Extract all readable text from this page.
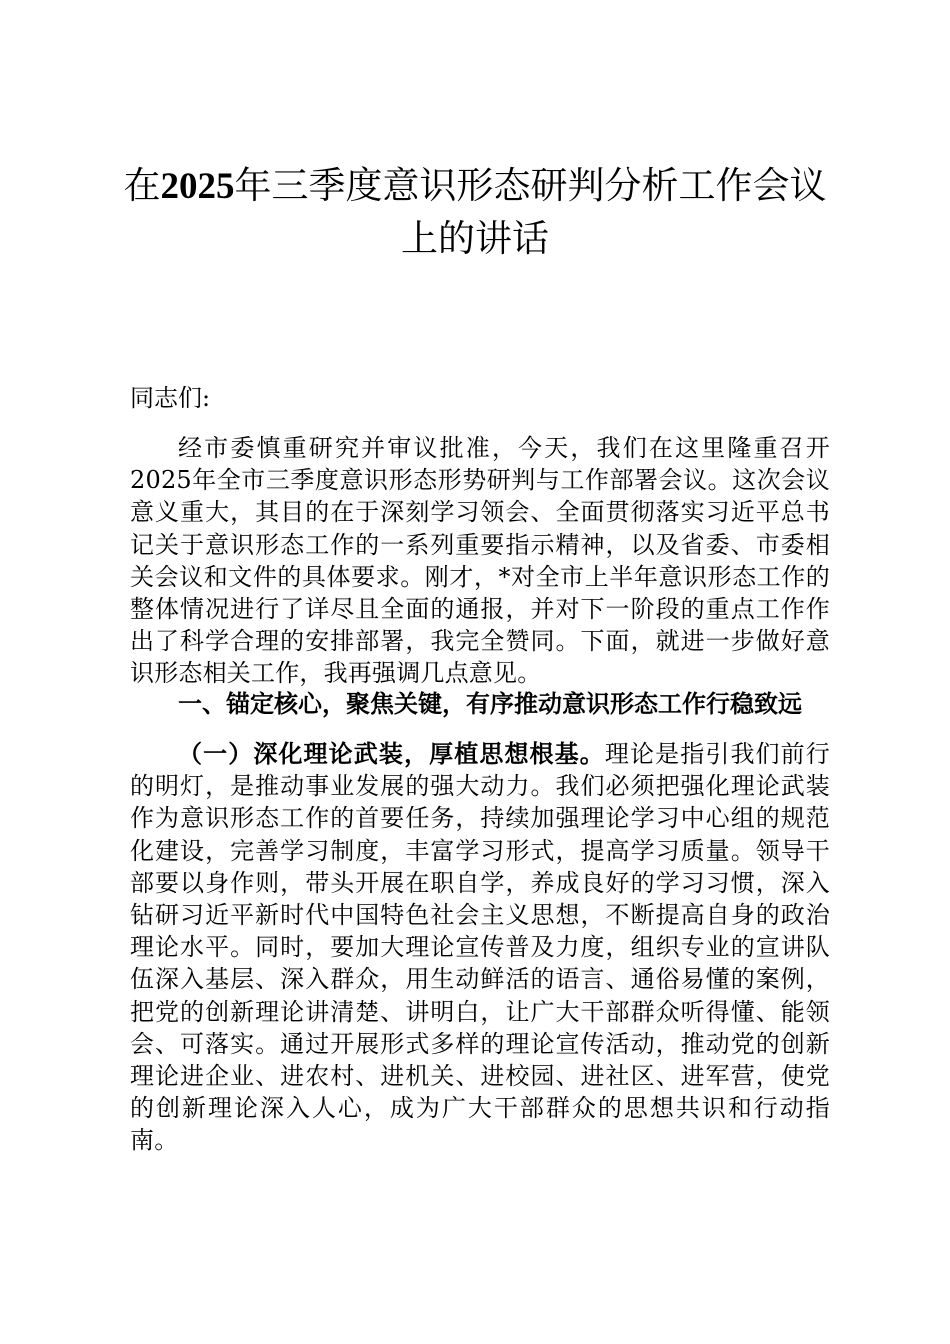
在2025年三季度意识形态研判分析工作会议
上的讲话
同志们:

经市委慎重研究并审议批准，今天，我们在这里隆重召开2025年全市三季度意识形态形势研判与工作部署会议。这次会议意义重大，其目的在于深刻学习领会、全面贯彻落实习近平总书记关于意识形态工作的一系列重要指示精神，以及省委、市委相关会议和文件的具体要求。刚才，*对全市上半年意识形态工作的整体情况进行了详尽且全面的通报，并对下一阶段的重点工作作出了科学合理的安排部署，我完全赞同。下面，就进一步做好意识形态相关工作，我再强调几点意见。

一、锚定核心，聚焦关键，有序推动意识形态工作行稳致远

（一）深化理论武装，厚植思想根基。理论是指引我们前行的明灯，是推动事业发展的强大动力。我们必须把强化理论武装作为意识形态工作的首要任务，持续加强理论学习中心组的规范化建设，完善学习制度，丰富学习形式，提高学习质量。领导干部要以身作则，带头开展在职自学，养成良好的学习习惯，深入钻研习近平新时代中国特色社会主义思想，不断提高自身的政治理论水平。同时，要加大理论宣传普及力度，组织专业的宣讲队伍深入基层、深入群众，用生动鲜活的语言、通俗易懂的案例，把党的创新理论讲清楚、讲明白，让广大干部群众听得懂、能领会、可落实。通过开展形式多样的理论宣传活动，推动党的创新理论进企业、进农村、进机关、进校园、进社区、进军营，使党的创新理论深入人心，成为广大干部群众的思想共识和行动指南。
